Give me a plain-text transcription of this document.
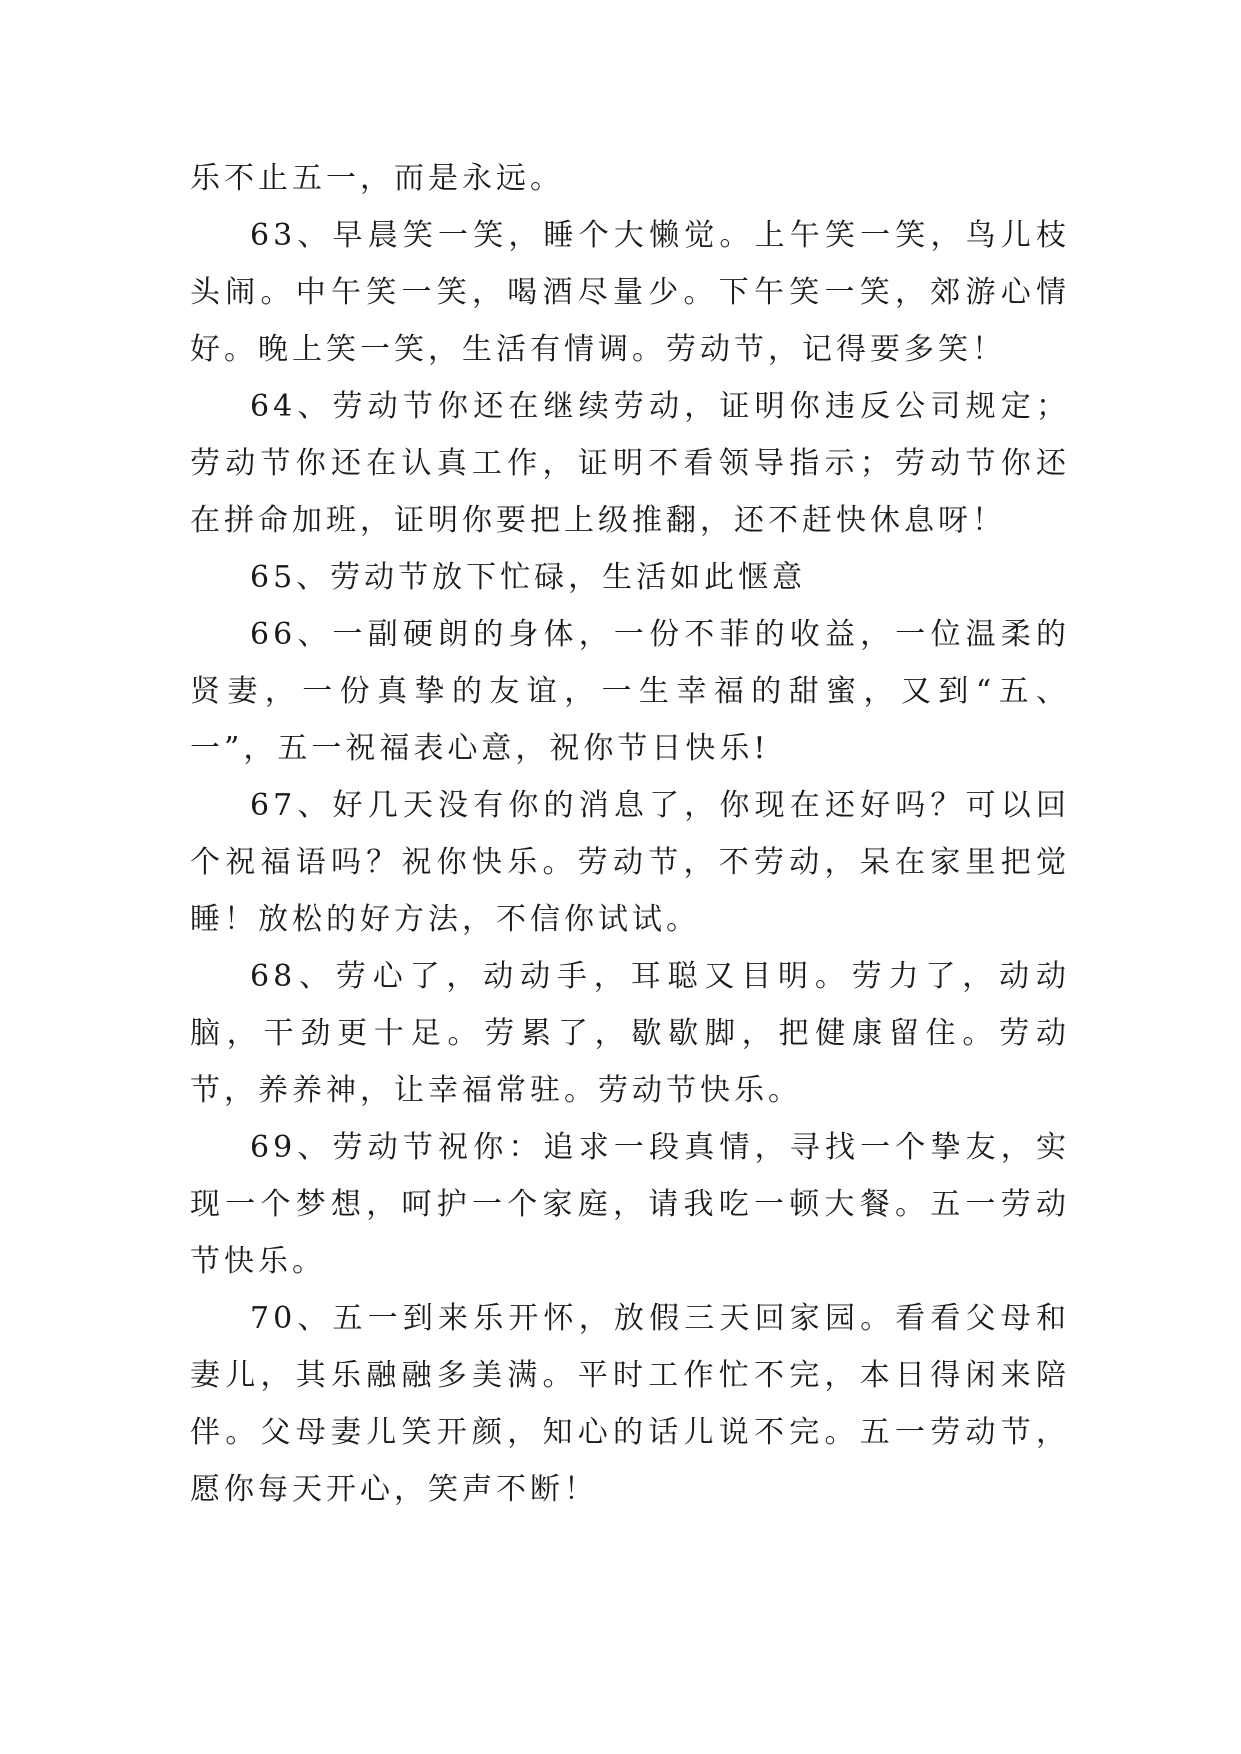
乐不止五一，而是永远。

63、早晨笑一笑，睡个大懒觉。上午笑一笑，鸟儿枝头闹。中午笑一笑，喝酒尽量少。下午笑一笑，郊游心情好。晚上笑一笑，生活有情调。劳动节，记得要多笑！

64、劳动节你还在继续劳动，证明你违反公司规定；劳动节你还在认真工作，证明不看领导指示；劳动节你还在拼命加班，证明你要把上级推翻，还不赶快休息呀！

65、劳动节放下忙碌，生活如此惬意

66、一副硬朗的身体，一份不菲的收益，一位温柔的贤妻，一份真挚的友谊，一生幸福的甜蜜，又到“五、一”，五一祝福表心意，祝你节日快乐!

67、好几天没有你的消息了，你现在还好吗？可以回个祝福语吗？祝你快乐。劳动节，不劳动，呆在家里把觉睡！放松的好方法，不信你试试。

68、劳心了，动动手，耳聪又目明。劳力了，动动脑，干劲更十足。劳累了，歇歇脚，把健康留住。劳动节，养养神，让幸福常驻。劳动节快乐。

69、劳动节祝你：追求一段真情，寻找一个挚友，实现一个梦想，呵护一个家庭，请我吃一顿大餐。五一劳动节快乐。

70、五一到来乐开怀，放假三天回家园。看看父母和妻儿，其乐融融多美满。平时工作忙不完，本日得闲来陪伴。父母妻儿笑开颜，知心的话儿说不完。五一劳动节，愿你每天开心，笑声不断！
